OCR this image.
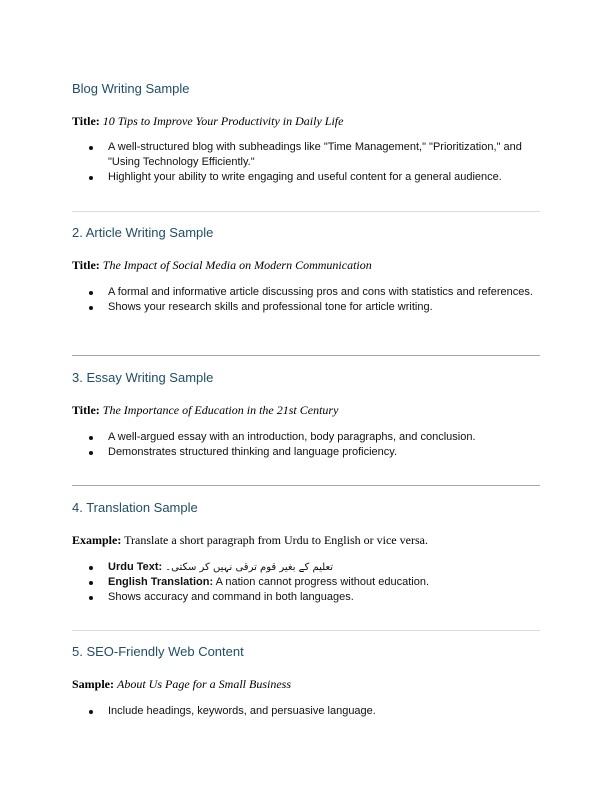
Blog Writing Sample

Title: 10 Tips to Improve Your Productivity in Daily Life

A well-structured blog with subheadings like "Time Management," "Prioritization," and "Using Technology Efficiently."
Highlight your ability to write engaging and useful content for a general audience.
2. Article Writing Sample

Title: The Impact of Social Media on Modern Communication

A formal and informative article discussing pros and cons with statistics and references.
Shows your research skills and professional tone for article writing.
3. Essay Writing Sample

Title: The Importance of Education in the 21st Century

A well-argued essay with an introduction, body paragraphs, and conclusion.
Demonstrates structured thinking and language proficiency.
4. Translation Sample

Example: Translate a short paragraph from Urdu to English or vice versa.

Urdu Text: تعلیم کے بغیر قوم ترقی نہیں کر سکتی۔
English Translation: A nation cannot progress without education.
Shows accuracy and command in both languages.
5. SEO-Friendly Web Content

Sample: About Us Page for a Small Business

Include headings, keywords, and persuasive language.
